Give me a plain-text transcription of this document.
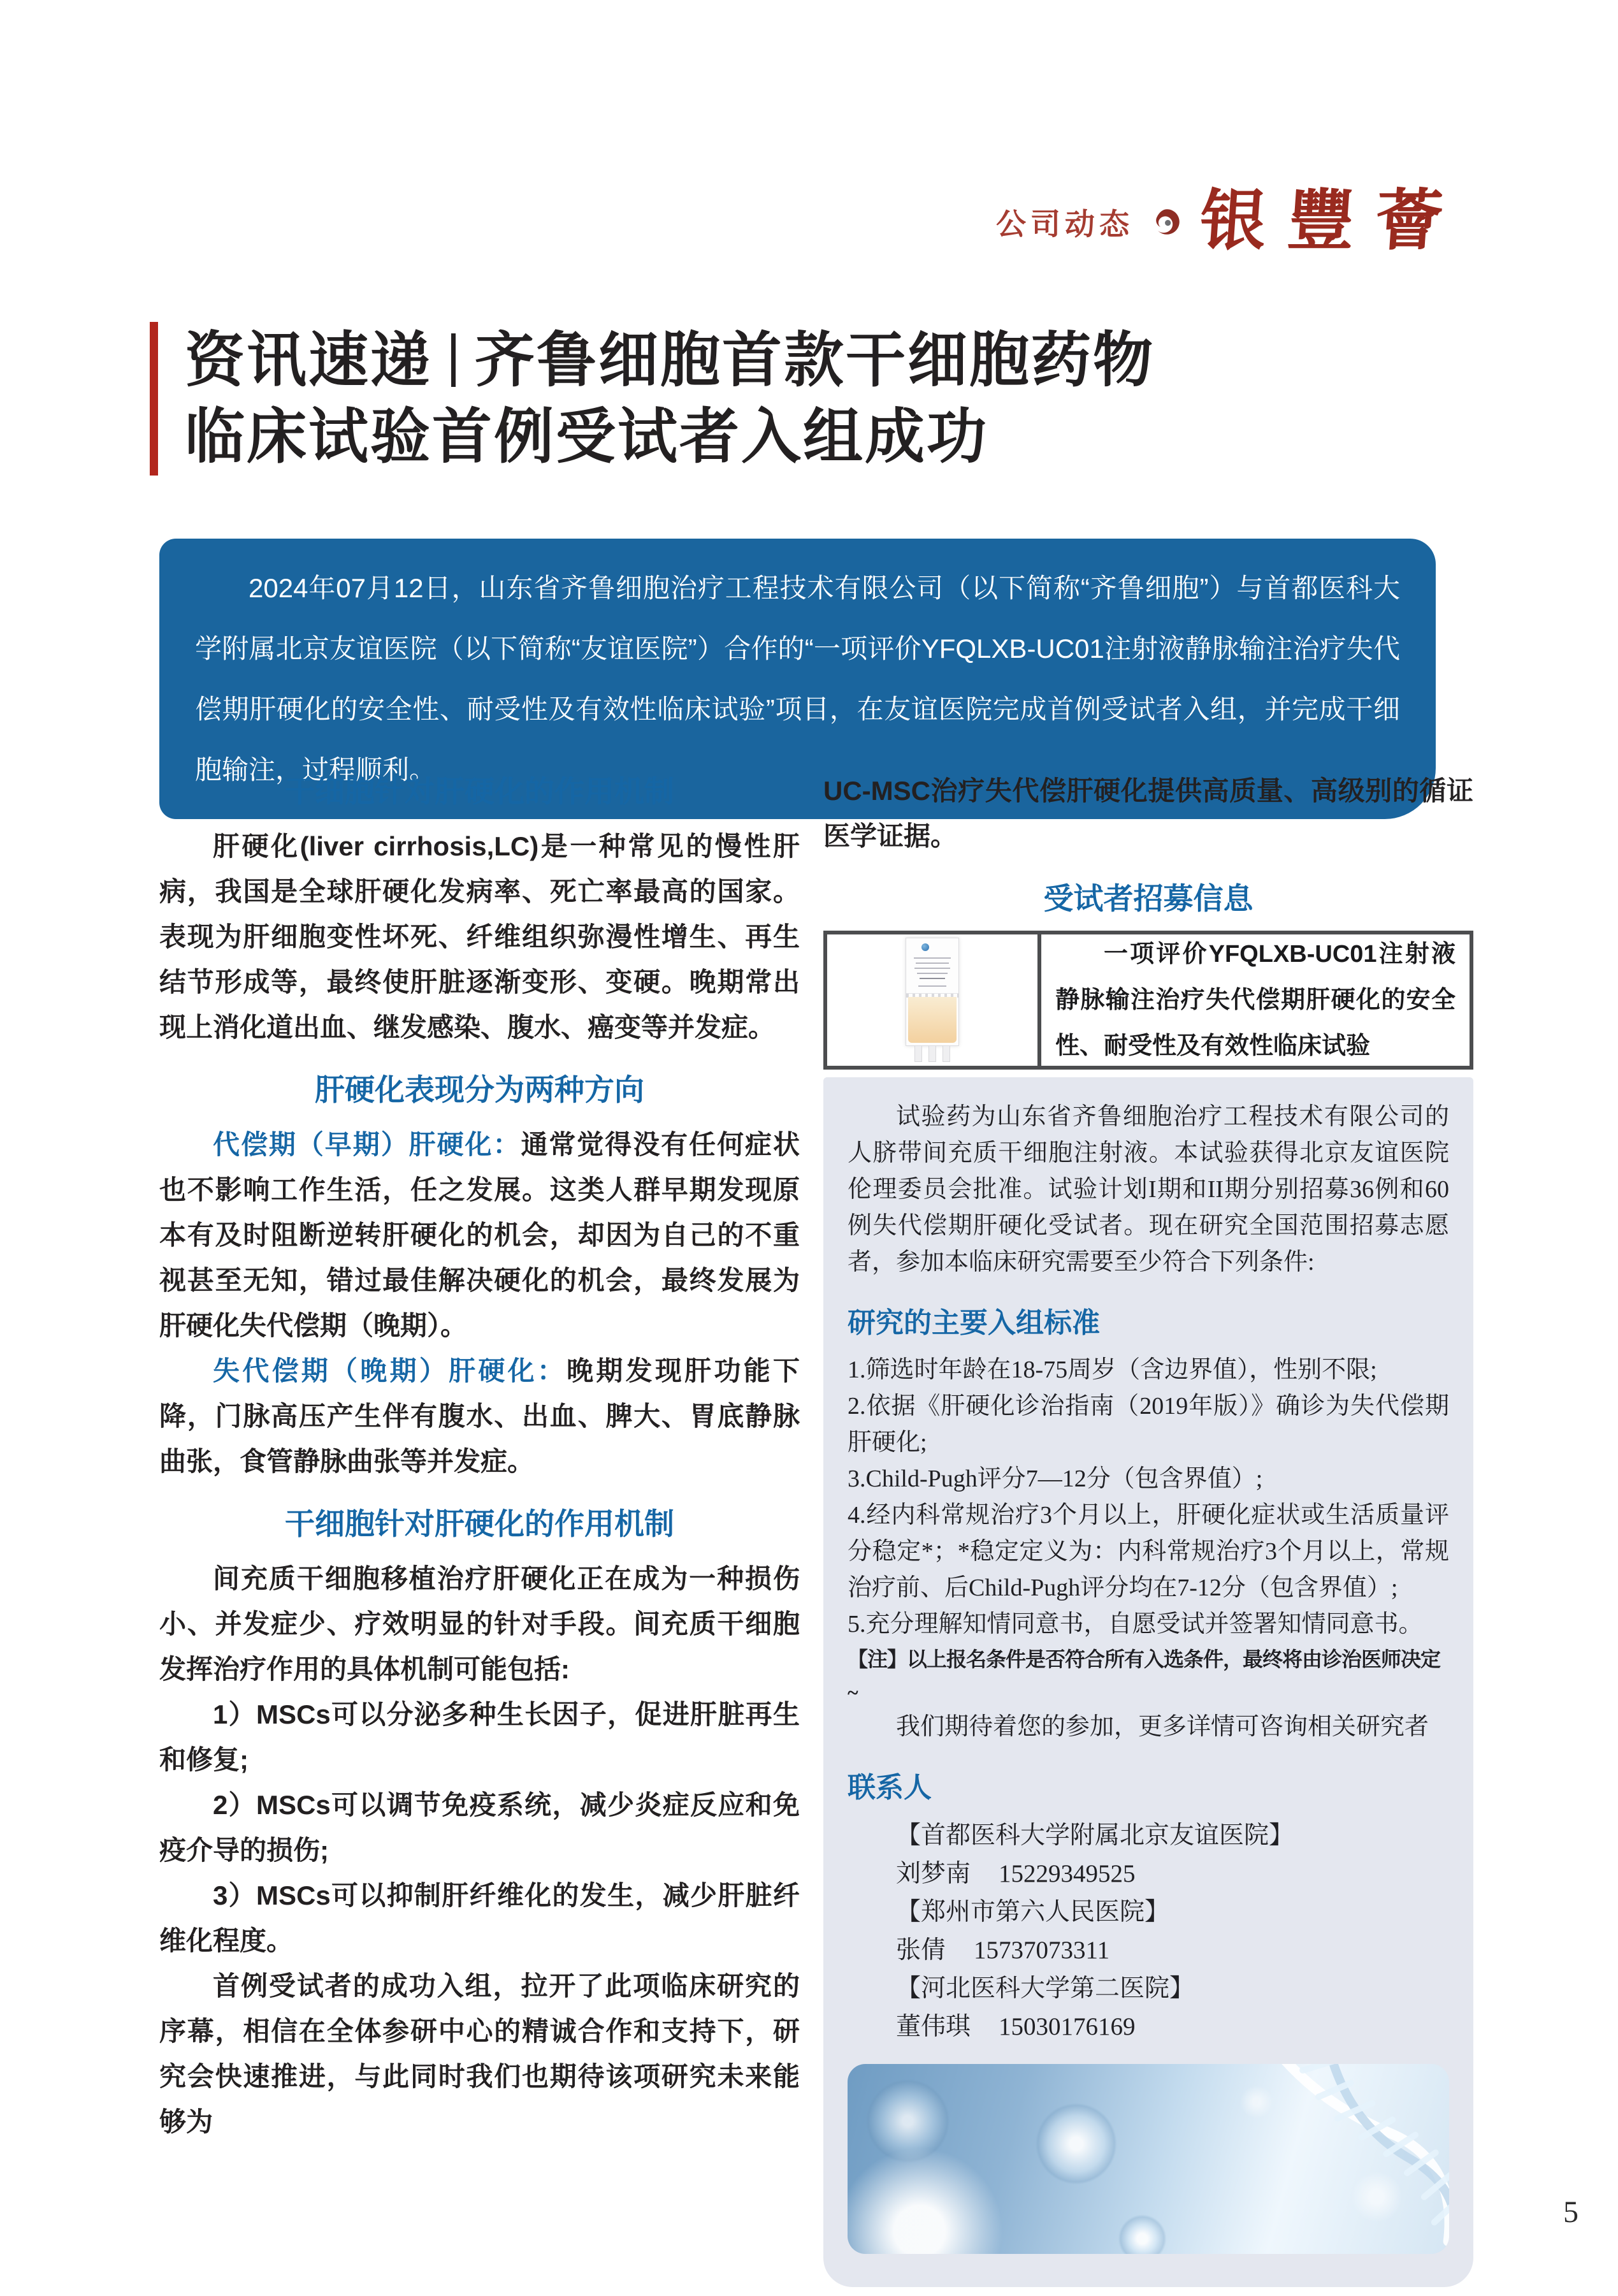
公司动态 银豐薈
资讯速递 齐鲁细胞首款干细胞药物
临床试验首例受试者入组成功

2024年07月12日，山东省齐鲁细胞治疗工程技术有限公司（以下简称“齐鲁细胞”）与首都医科大学附属北京友谊医院（以下简称“友谊医院”）合作的“一项评价YFQLXB-UC01注射液静脉输注治疗失代偿期肝硬化的安全性、耐受性及有效性临床试验”项目，在友谊医院完成首例受试者入组，并完成干细胞输注，过程顺利。

干细胞针对肝硬化的作用机制

肝硬化(liver cirrhosis,LC)是一种常见的慢性肝病，我国是全球肝硬化发病率、死亡率最高的国家。表现为肝细胞变性坏死、纤维组织弥漫性增生、再生结节形成等，最终使肝脏逐渐变形、变硬。晚期常出现上消化道出血、继发感染、腹水、癌变等并发症。

肝硬化表现分为两种方向

代偿期（早期）肝硬化：通常觉得没有任何症状也不影响工作生活，任之发展。这类人群早期发现原本有及时阻断逆转肝硬化的机会，却因为自己的不重视甚至无知，错过最佳解决硬化的机会，最终发展为肝硬化失代偿期（晚期）。

失代偿期（晚期）肝硬化：晚期发现肝功能下降，门脉高压产生伴有腹水、出血、脾大、胃底静脉曲张，食管静脉曲张等并发症。

干细胞针对肝硬化的作用机制

间充质干细胞移植治疗肝硬化正在成为一种损伤小、并发症少、疗效明显的针对手段。间充质干细胞发挥治疗作用的具体机制可能包括:

1）MSCs可以分泌多种生长因子，促进肝脏再生和修复;

2）MSCs可以调节免疫系统，减少炎症反应和免疫介导的损伤;

3）MSCs可以抑制肝纤维化的发生，减少肝脏纤维化程度。

首例受试者的成功入组，拉开了此项临床研究的序幕，相信在全体参研中心的精诚合作和支持下，研究会快速推进，与此同时我们也期待该项研究未来能够为

UC-MSC治疗失代偿肝硬化提供高质量、高级别的循证医学证据。

受试者招募信息

一项评价YFQLXB-UC01注射液静脉输注治疗失代偿期肝硬化的安全性、耐受性及有效性临床试验

试验药为山东省齐鲁细胞治疗工程技术有限公司的人脐带间充质干细胞注射液。本试验获得北京友谊医院伦理委员会批准。试验计划I期和II期分别招募36例和60例失代偿期肝硬化受试者。现在研究全国范围招募志愿者，参加本临床研究需要至少符合下列条件:

研究的主要入组标准

1.筛选时年龄在18-75周岁（含边界值），性别不限;

2.依据《肝硬化诊治指南（2019年版）》确诊为失代偿期肝硬化;

3.Child-Pugh评分7—12分（包含界值）;

4.经内科常规治疗3个月以上，肝硬化症状或生活质量评分稳定*；*稳定定义为：内科常规治疗3个月以上，常规治疗前、后Child-Pugh评分均在7-12分（包含界值）;

5.充分理解知情同意书，自愿受试并签署知情同意书。

【注】以上报名条件是否符合所有入选条件，最终将由诊治医师决定~

我们期待着您的参加，更多详情可咨询相关研究者

联系人
【首都医科大学附属北京友谊医院】
刘梦南 15229349525
【郑州市第六人民医院】
张倩 15737073311
【河北医科大学第二医院】
董伟琪 15030176169
5
